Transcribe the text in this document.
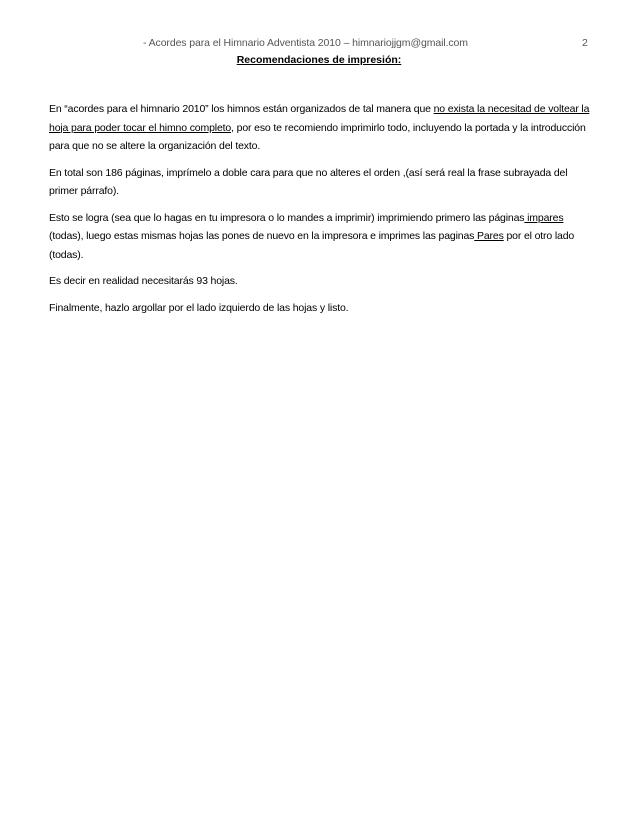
- Acordes para el Himnario Adventista 2010 – himnariojjgm@gmail.com	2
Recomendaciones de impresión:

En “acordes para el himnario 2010” los himnos están organizados de tal manera que no exista la necesitad de voltear la hoja para poder tocar el himno completo, por eso te recomiendo imprimirlo todo, incluyendo la portada y la introducción para que no se altere la organización del texto.

En total son 186 páginas, imprímelo a doble cara para que no alteres el orden ,(así será real la frase subrayada del primer párrafo).

Esto se logra (sea que lo hagas en tu impresora o lo mandes a imprimir) imprimiendo primero las páginas impares (todas), luego estas mismas hojas las pones de nuevo en la impresora e imprimes las paginas Pares por el otro lado (todas).

Es decir en realidad necesitarás 93 hojas.

Finalmente, hazlo argollar por el lado izquierdo de las hojas y listo.
